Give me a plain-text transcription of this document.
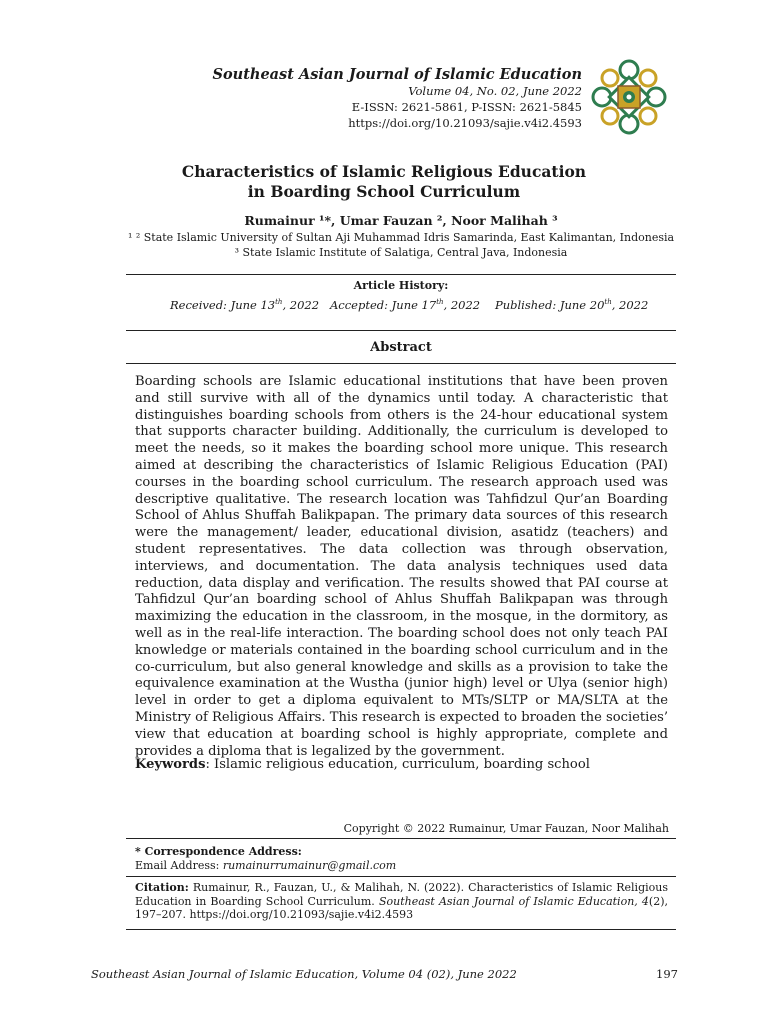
Southeast Asian Journal of Islamic Education
Volume 04, No. 02, June 2022
E-ISSN: 2621-5861, P-ISSN: 2621-5845
https://doi.org/10.21093/sajie.v4i2.4593
Characteristics of Islamic Religious Education
in Boarding School Curriculum
Rumainur ¹*, Umar Fauzan ², Noor Malihah ³
¹ ² State Islamic University of Sultan Aji Muhammad Idris Samarinda, East Kalimantan, Indonesia
³ State Islamic Institute of Salatiga, Central Java, Indonesia
Article History:
Received: June 13th, 2022 Accepted: June 17th, 2022 Published: June 20th, 2022
Abstract
Boarding schools are Islamic educational institutions that have been proven and still survive with all of the dynamics until today. A characteristic that distinguishes boarding schools from others is the 24-hour educational system that supports character building. Additionally, the curriculum is developed to meet the needs, so it makes the boarding school more unique. This research aimed at describing the characteristics of Islamic Religious Education (PAI) courses in the boarding school curriculum. The research approach used was descriptive qualitative. The research location was Tahfidzul Qur’an Boarding School of Ahlus Shuffah Balikpapan. The primary data sources of this research were the management/ leader, educational division, asatidz (teachers) and student representatives. The data collection was through observation, interviews, and documentation. The data analysis techniques used data reduction, data display and verification. The results showed that PAI course at Tahfidzul Qur’an boarding school of Ahlus Shuffah Balikpapan was through maximizing the education in the classroom, in the mosque, in the dormitory, as well as in the real-life interaction. The boarding school does not only teach PAI knowledge or materials contained in the boarding school curriculum and in the co-curriculum, but also general knowledge and skills as a provision to take the equivalence examination at the Wustha (junior high) level or Ulya (senior high) level in order to get a diploma equivalent to MTs/SLTP or MA/SLTA at the Ministry of Religious Affairs. This research is expected to broaden the societies’ view that education at boarding school is highly appropriate, complete and provides a diploma that is legalized by the government.
Keywords: Islamic religious education, curriculum, boarding school
Copyright © 2022 Rumainur, Umar Fauzan, Noor Malihah
* Correspondence Address:
Email Address: rumainurrumainur@gmail.com
Citation: Rumainur, R., Fauzan, U., & Malihah, N. (2022). Characteristics of Islamic Religious Education in Boarding School Curriculum. Southeast Asian Journal of Islamic Education, 4(2), 197–207. https://doi.org/10.21093/sajie.v4i2.4593
Southeast Asian Journal of Islamic Education, Volume 04 (02), June 2022	197
